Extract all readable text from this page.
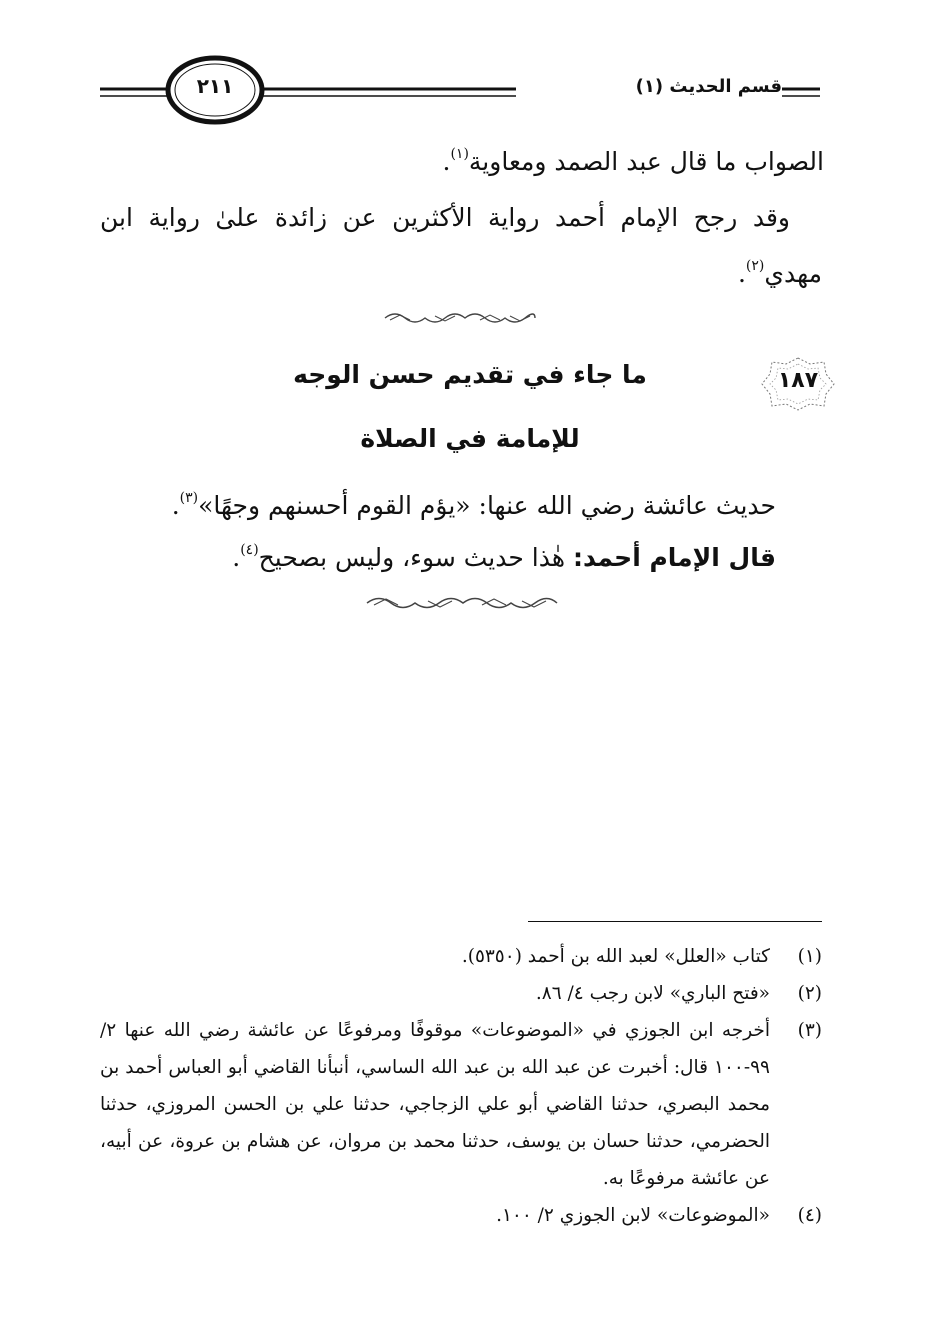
قسم الحديث (١)
٢١١
الصواب ما قال عبد الصمد ومعاوية$^{(١)}$.
وقد رجح الإمام أحمد رواية الأكثرين عن زائدة علىٰ رواية ابن مهدي$^{(٢)}$.
١٨٧
ما جاء في تقديم حسن الوجه
للإمامة في الصلاة
حديث عائشة رضي الله عنها: «يؤم القوم أحسنهم وجهًا»$^{(٣)}$.
قال الإمام أحمد: هٰذا حديث سوء، وليس بصحيح$^{(٤)}$.
(١)
كتاب «العلل» لعبد الله بن أحمد (٥٣٥٠).
(٢)
«فتح الباري» لابن رجب ٤/ ٨٦.
(٣)
أخرجه ابن الجوزي في «الموضوعات» موقوفًا ومرفوعًا عن عائشة رضي الله عنها ٢/ ٩٩-١٠٠ قال: أخبرت عن عبد الله بن عبد الله الساسي، أنبأنا القاضي أبو العباس أحمد بن محمد البصري، حدثنا القاضي أبو علي الزجاجي، حدثنا علي بن الحسن المروزي، حدثنا الحضرمي، حدثنا حسان بن يوسف، حدثنا محمد بن مروان، عن هشام بن عروة، عن أبيه، عن عائشة مرفوعًا به.
(٤)
«الموضوعات» لابن الجوزي ٢/ ١٠٠.
